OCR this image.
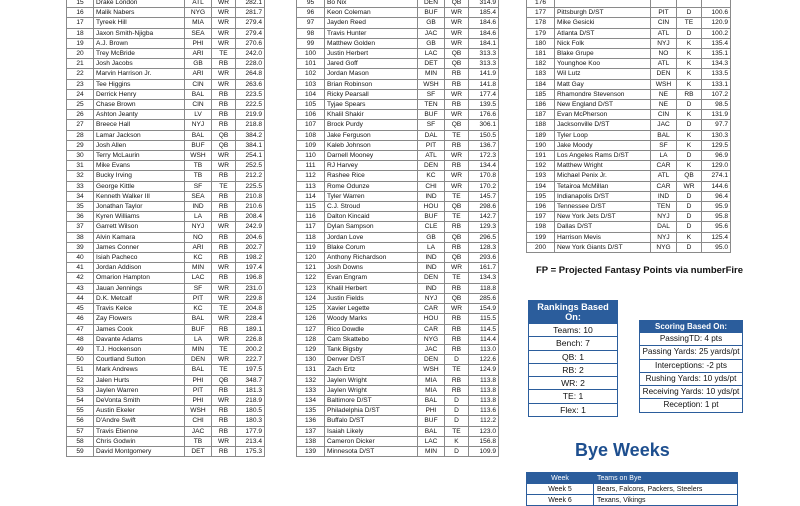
15	Drake London	ATL	WR	282.1
16	Malik Nabers	NYG	WR	281.7
17	Tyreek Hill	MIA	WR	279.4
18	Jaxon Smith-Njigba	SEA	WR	279.4
19	A.J. Brown	PHI	WR	270.6
20	Trey McBride	ARI	TE	242.0
21	Josh Jacobs	GB	RB	228.0
22	Marvin Harrison Jr.	ARI	WR	264.8
23	Tee Higgins	CIN	WR	263.6
24	Derrick Henry	BAL	RB	223.5
25	Chase Brown	CIN	RB	222.5
26	Ashton Jeanty	LV	RB	219.9
27	Breece Hall	NYJ	RB	218.8
28	Lamar Jackson	BAL	QB	384.2
29	Josh Allen	BUF	QB	384.1
30	Terry McLaurin	WSH	WR	254.1
31	Mike Evans	TB	WR	252.5
32	Bucky Irving	TB	RB	212.2
33	George Kittle	SF	TE	225.5
34	Kenneth Walker III	SEA	RB	210.8
35	Jonathan Taylor	IND	RB	210.6
36	Kyren Williams	LA	RB	208.4
37	Garrett Wilson	NYJ	WR	242.9
38	Alvin Kamara	NO	RB	204.6
39	James Conner	ARI	RB	202.7
40	Isiah Pacheco	KC	RB	198.2
41	Jordan Addison	MIN	WR	197.4
42	Omarion Hampton	LAC	RB	196.8
43	Jauan Jennings	SF	WR	231.0
44	D.K. Metcalf	PIT	WR	229.8
45	Travis Kelce	KC	TE	204.8
46	Zay Flowers	BAL	WR	228.4
47	James Cook	BUF	RB	189.1
48	Davante Adams	LA	WR	226.8
49	T.J. Hockenson	MIN	TE	200.2
50	Courtland Sutton	DEN	WR	222.7
51	Mark Andrews	BAL	TE	197.5
52	Jalen Hurts	PHI	QB	348.7
53	Jaylen Warren	PIT	RB	181.3
54	DeVonta Smith	PHI	WR	218.9
55	Austin Ekeler	WSH	RB	180.5
56	D'Andre Swift	CHI	RB	180.3
57	Travis Etienne	JAC	RB	177.9
58	Chris Godwin	TB	WR	213.4
59	David Montgomery	DET	RB	175.3
95	Bo Nix	DEN	QB	314.9
96	Keon Coleman	BUF	WR	185.4
97	Jayden Reed	GB	WR	184.6
98	Travis Hunter	JAC	WR	184.6
99	Matthew Golden	GB	WR	184.1
100	Justin Herbert	LAC	QB	313.3
101	Jared Goff	DET	QB	313.3
102	Jordan Mason	MIN	RB	141.9
103	Brian Robinson	WSH	RB	141.8
104	Ricky Pearsall	SF	WR	177.4
105	Tyjae Spears	TEN	RB	139.5
106	Khalil Shakir	BUF	WR	176.6
107	Brock Purdy	SF	QB	306.1
108	Jake Ferguson	DAL	TE	150.5
109	Kaleb Johnson	PIT	RB	136.7
110	Darnell Mooney	ATL	WR	172.3
111	RJ Harvey	DEN	RB	134.4
112	Rashee Rice	KC	WR	170.8
113	Rome Odunze	CHI	WR	170.2
114	Tyler Warren	IND	TE	145.7
115	C.J. Stroud	HOU	QB	298.6
116	Dalton Kincaid	BUF	TE	142.7
117	Dylan Sampson	CLE	RB	129.3
118	Jordan Love	GB	QB	296.5
119	Blake Corum	LA	RB	128.3
120	Anthony Richardson	IND	QB	293.6
121	Josh Downs	IND	WR	161.7
122	Evan Engram	DEN	TE	134.3
123	Khalil Herbert	IND	RB	118.8
124	Justin Fields	NYJ	QB	285.6
125	Xavier Legette	CAR	WR	154.9
126	Woody Marks	HOU	RB	115.5
127	Rico Dowdle	CAR	RB	114.5
128	Cam Skattebo	NYG	RB	114.4
129	Tank Bigsby	JAC	RB	113.0
130	Denver D/ST	DEN	D	122.6
131	Zach Ertz	WSH	TE	124.9
132	Jaylen Wright	MIA	RB	113.8
133	Jaylen Wright	MIA	RB	113.8
134	Baltimore D/ST	BAL	D	113.8
135	Philadelphia D/ST	PHI	D	113.6
136	Buffalo D/ST	BUF	D	112.2
137	Isaiah Likely	BAL	TE	123.0
138	Cameron Dicker	LAC	K	156.8
139	Minnesota D/ST	MIN	D	109.9
176				
177	Pittsburgh D/ST	PIT	D	100.6
178	Mike Gesicki	CIN	TE	120.9
179	Atlanta D/ST	ATL	D	100.2
180	Nick Folk	NYJ	K	135.4
181	Blake Grupe	NO	K	135.1
182	Younghoe Koo	ATL	K	134.3
183	Wil Lutz	DEN	K	133.5
184	Matt Gay	WSH	K	133.1
185	Rhamondre Stevenson	NE	RB	107.2
186	New England D/ST	NE	D	98.5
187	Evan McPherson	CIN	K	131.9
188	Jacksonville D/ST	JAC	D	97.7
189	Tyler Loop	BAL	K	130.3
190	Jake Moody	SF	K	129.5
191	Los Angeles Rams D/ST	LA	D	96.9
192	Matthew Wright	CAR	K	129.0
193	Michael Penix Jr.	ATL	QB	274.1
194	Tetairoa McMillan	CAR	WR	144.6
195	Indianapolis D/ST	IND	D	96.4
196	Tennessee D/ST	TEN	D	95.9
197	New York Jets D/ST	NYJ	D	95.8
198	Dallas D/ST	DAL	D	95.6
199	Harrison Mevis	NYJ	K	125.4
200	New York Giants D/ST	NYG	D	95.0
FP = Projected Fantasy Points via numberFire
Rankings Based On:
Teams: 10
Bench: 7
QB: 1
RB: 2
WR: 2
TE: 1
Flex: 1
Scoring Based On:
PassingTD: 4 pts
Passing Yards: 25 yards/pt
Interceptions: -2 pts
Rushing Yards: 10 yds/pt
Receiving Yards: 10 yds/pt
Reception: 1 pt
Bye Weeks
Week	Teams on Bye
Week 5	Bears, Falcons, Packers, Steelers
Week 6	Texans, Vikings
